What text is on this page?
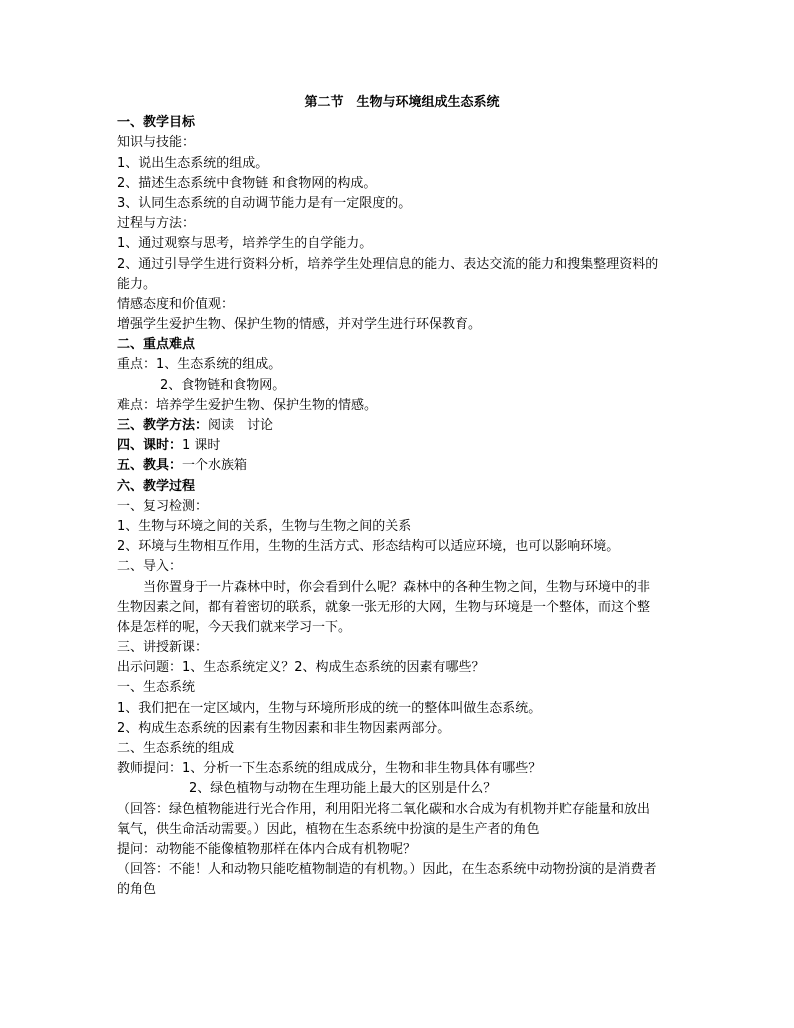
第二节　生物与环境组成生态系统
一、教学目标
知识与技能：
1、说出生态系统的组成。
2、描述生态系统中食物链 和食物网的构成。
3、认同生态系统的自动调节能力是有一定限度的。
过程与方法：
1、通过观察与思考，培养学生的自学能力。
2、通过引导学生进行资料分析，培养学生处理信息的能力、表达交流的能力和搜集整理资料的
能力。
情感态度和价值观：
增强学生爱护生物、保护生物的情感，并对学生进行环保教育。
二、重点难点
重点：1、生态系统的组成。
2、食物链和食物网。
难点：培养学生爱护生物、保护生物的情感。
三、教学方法：阅读　讨论
四、课时：1 课时
五、教具：一个水族箱
六、教学过程
一、复习检测：
1、生物与环境之间的关系，生物与生物之间的关系
2、环境与生物相互作用，生物的生活方式、形态结构可以适应环境，也可以影响环境。
二、导入：
当你置身于一片森林中时，你会看到什么呢？森林中的各种生物之间，生物与环境中的非
生物因素之间，都有着密切的联系，就象一张无形的大网，生物与环境是一个整体，而这个整
体是怎样的呢，今天我们就来学习一下。
三、讲授新课：
出示问题：1、生态系统定义？2、构成生态系统的因素有哪些？
一、生态系统
1、我们把在一定区域内，生物与环境所形成的统一的整体叫做生态系统。
2、构成生态系统的因素有生物因素和非生物因素两部分。
二、生态系统的组成
教师提问：1、分析一下生态系统的组成成分，生物和非生物具体有哪些？
2、绿色植物与动物在生理功能上最大的区别是什么？
（回答：绿色植物能进行光合作用，利用阳光将二氧化碳和水合成为有机物并贮存能量和放出
氧气，供生命活动需要。）因此，植物在生态系统中扮演的是生产者的角色
提问：动物能不能像植物那样在体内合成有机物呢？
（回答：不能！人和动物只能吃植物制造的有机物。）因此，在生态系统中动物扮演的是消费者
的角色
